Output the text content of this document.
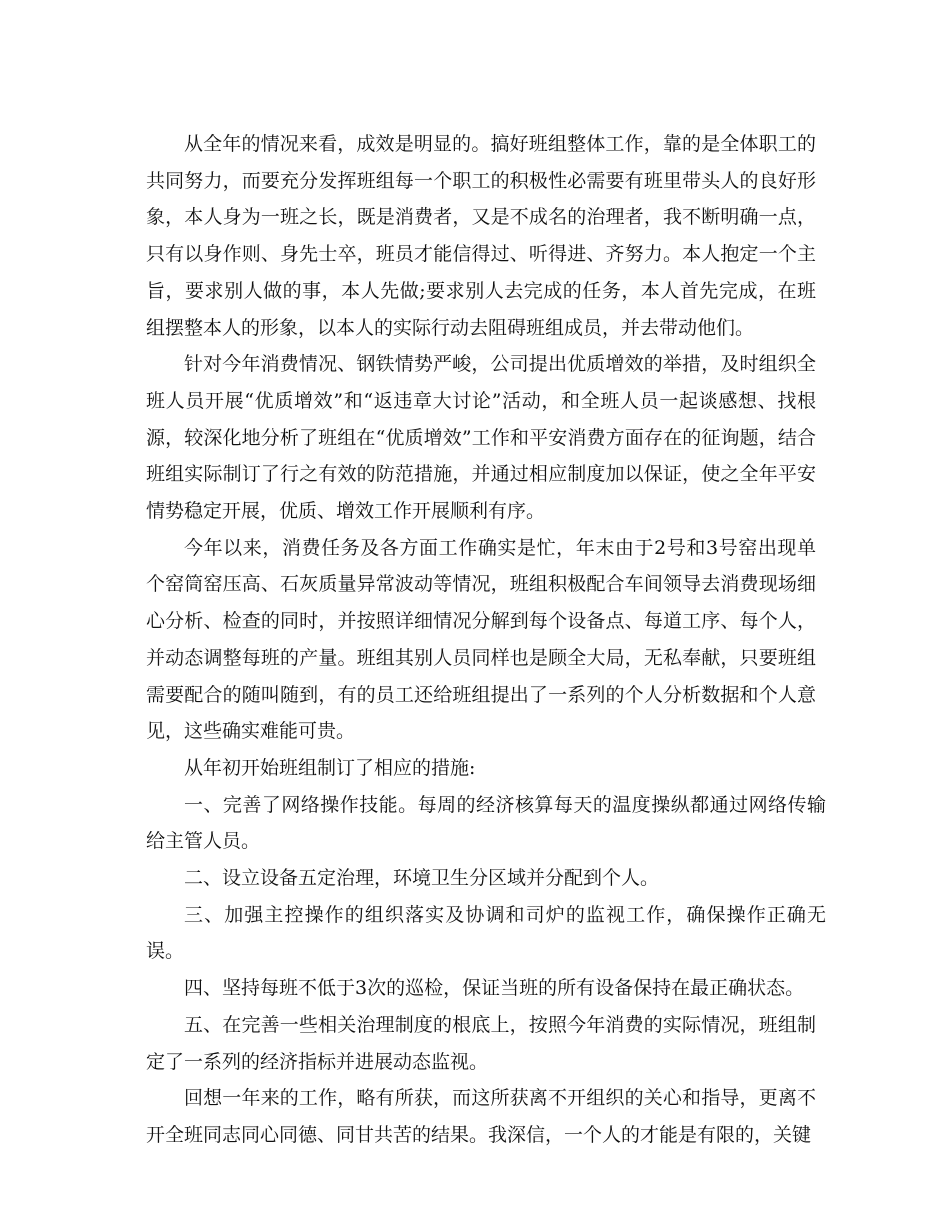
从全年的情况来看，成效是明显的。搞好班组整体工作，靠的是全体职工的共同努力，而要充分发挥班组每一个职工的积极性必需要有班里带头人的良好形象，本人身为一班之长，既是消费者，又是不成名的治理者，我不断明确一点，只有以身作则、身先士卒，班员才能信得过、听得进、齐努力。本人抱定一个主旨，要求别人做的事，本人先做;要求别人去完成的任务，本人首先完成，在班组摆整本人的形象，以本人的实际行动去阻碍班组成员，并去带动他们。

针对今年消费情况、钢铁情势严峻，公司提出优质增效的举措，及时组织全班人员开展“优质增效”和“返违章大讨论”活动，和全班人员一起谈感想、找根源，较深化地分析了班组在“优质增效”工作和平安消费方面存在的征询题，结合班组实际制订了行之有效的防范措施，并通过相应制度加以保证，使之全年平安情势稳定开展，优质、增效工作开展顺利有序。

今年以来，消费任务及各方面工作确实是忙，年末由于2号和3号窑出现单个窑筒窑压高、石灰质量异常波动等情况，班组积极配合车间领导去消费现场细心分析、检查的同时，并按照详细情况分解到每个设备点、每道工序、每个人，并动态调整每班的产量。班组其别人员同样也是顾全大局，无私奉献，只要班组需要配合的随叫随到，有的员工还给班组提出了一系列的个人分析数据和个人意见，这些确实难能可贵。

从年初开始班组制订了相应的措施:

一、完善了网络操作技能。每周的经济核算每天的温度操纵都通过网络传输给主管人员。

二、设立设备五定治理，环境卫生分区域并分配到个人。

三、加强主控操作的组织落实及协调和司炉的监视工作，确保操作正确无误。

四、坚持每班不低于3次的巡检，保证当班的所有设备保持在最正确状态。

五、在完善一些相关治理制度的根底上，按照今年消费的实际情况，班组制定了一系列的经济指标并进展动态监视。

回想一年来的工作，略有所获，而这所获离不开组织的关心和指导，更离不开全班同志同心同德、同甘共苦的结果。我深信，一个人的才能是有限的，关键
